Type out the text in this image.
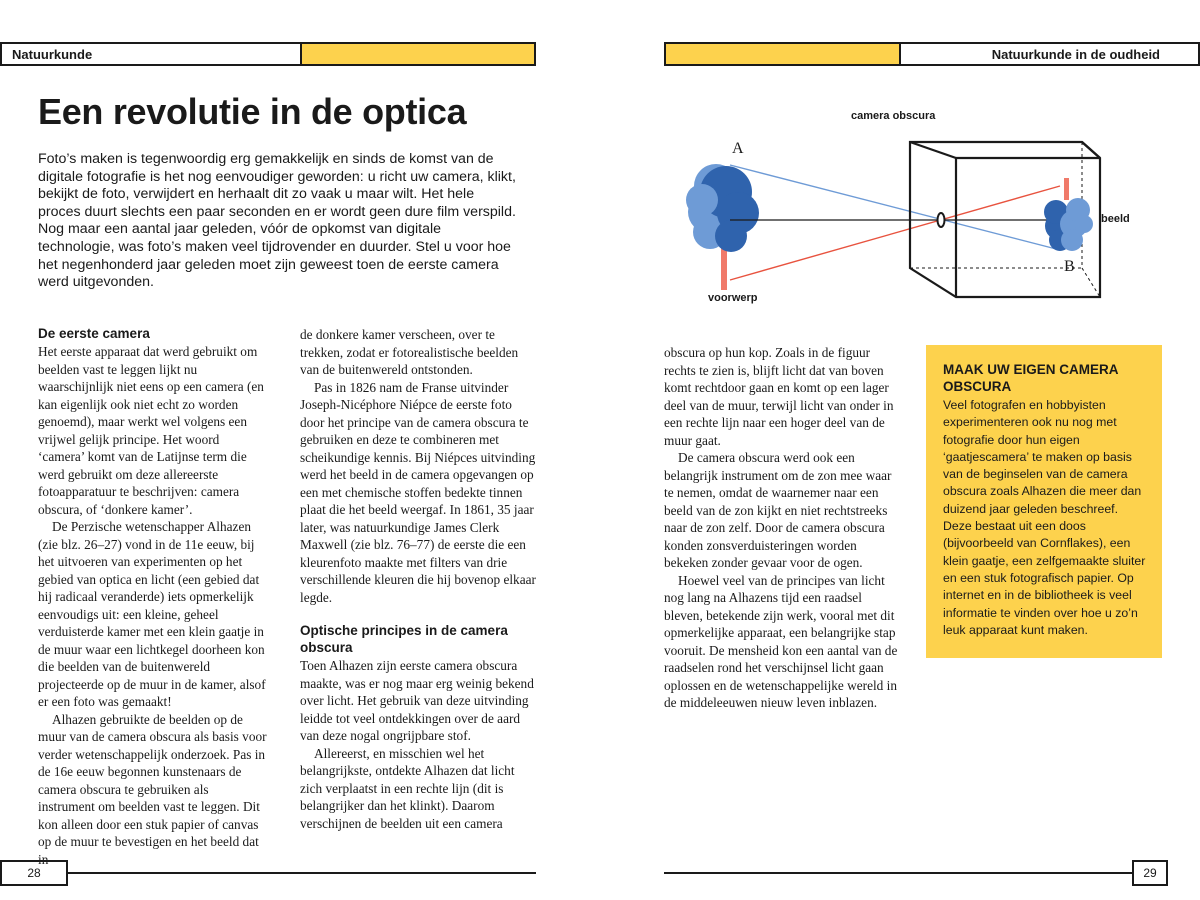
Natuurkunde
Een revolutie in de optica

Foto’s maken is tegenwoordig erg gemakkelijk en sinds de komst van de digitale fotografie is het nog eenvoudiger geworden: u richt uw camera, klikt, bekijkt de foto, verwijdert en herhaalt dit zo vaak u maar wilt. Het hele proces duurt slechts een paar seconden en er wordt geen dure film verspild. Nog maar een aantal jaar geleden, vóór de opkomst van digitale technologie, was foto’s maken veel tijdrovender en duurder. Stel u voor hoe het negenhonderd jaar geleden moet zijn geweest toen de eerste camera werd uitgevonden.

De eerste camera

Het eerste apparaat dat werd gebruikt om beelden vast te leggen lijkt nu waarschijnlijk niet eens op een camera (en kan eigenlijk ook niet echt zo worden genoemd), maar werkt wel volgens een vrijwel gelijk principe. Het woord ‘camera’ komt van de Latijnse term die werd gebruikt om deze allereerste fotoapparatuur te beschrijven: camera obscura, of ‘donkere kamer’.

De Perzische wetenschapper Alhazen (zie blz. 26–27) vond in de 11e eeuw, bij het uitvoeren van experimenten op het gebied van optica en licht (een gebied dat hij radicaal veranderde) iets opmerkelijk eenvoudigs uit: een kleine, geheel verduisterde kamer met een klein gaatje in de muur waar een lichtkegel doorheen kon die beelden van de buitenwereld projecteerde op de muur in de kamer, alsof er een foto was gemaakt!

Alhazen gebruikte de beelden op de muur van de camera obscura als basis voor verder wetenschappelijk onderzoek. Pas in de 16e eeuw begonnen kunstenaars de camera obscura te gebruiken als instrument om beelden vast te leggen. Dit kon alleen door een stuk papier of canvas op de muur te bevestigen en het beeld dat in

de donkere kamer verscheen, over te trekken, zodat er fotorealistische beelden van de buitenwereld ontstonden.

Pas in 1826 nam de Franse uitvinder Joseph-Nicéphore Niépce de eerste foto door het principe van de camera obscura te gebruiken en deze te combineren met scheikundige kennis. Bij Niépces uitvinding werd het beeld in de camera opgevangen op een met chemische stoffen bedekte tinnen plaat die het beeld weergaf. In 1861, 35 jaar later, was natuurkundige James Clerk Maxwell (zie blz. 76–77) de eerste die een kleurenfoto maakte met filters van drie verschillende kleuren die hij bovenop elkaar legde.

Optische principes in de camera obscura

Toen Alhazen zijn eerste camera obscura maakte, was er nog maar erg weinig bekend over licht. Het gebruik van deze uitvinding leidde tot veel ontdekkingen over de aard van deze nogal ongrijpbare stof.

Allereerst, en misschien wel het belangrijkste, ontdekte Alhazen dat licht zich verplaatst in een rechte lijn (dit is belangrijker dan het klinkt). Daarom verschijnen de beelden uit een camera

28
Natuurkunde in de oudheid
camera obscura
A
B
beeld
voorwerp

obscura op hun kop. Zoals in de figuur rechts te zien is, blijft licht dat van boven komt rechtdoor gaan en komt op een lager deel van de muur, terwijl licht van onder in een rechte lijn naar een hoger deel van de muur gaat.

De camera obscura werd ook een belangrijk instrument om de zon mee waar te nemen, omdat de waarnemer naar een beeld van de zon kijkt en niet rechtstreeks naar de zon zelf. Door de camera obscura konden zonsverduisteringen worden bekeken zonder gevaar voor de ogen.

Hoewel veel van de principes van licht nog lang na Alhazens tijd een raadsel bleven, betekende zijn werk, vooral met dit opmerkelijke apparaat, een belangrijke stap vooruit. De mensheid kon een aantal van de raadselen rond het verschijnsel licht gaan oplossen en de wetenschappelijke wereld in de middeleeuwen nieuw leven inblazen.

MAAK UW EIGEN CAMERA OBSCURA

Veel fotografen en hobbyisten experimenteren ook nu nog met fotografie door hun eigen ‘gaatjescamera’ te maken op basis van de beginselen van de camera obscura zoals Alhazen die meer dan duizend jaar geleden beschreef. Deze bestaat uit een doos (bijvoorbeeld van Cornflakes), een klein gaatje, een zelfgemaakte sluiter en een stuk fotografisch papier. Op internet en in de bibliotheek is veel informatie te vinden over hoe u zo’n leuk apparaat kunt maken.

29
